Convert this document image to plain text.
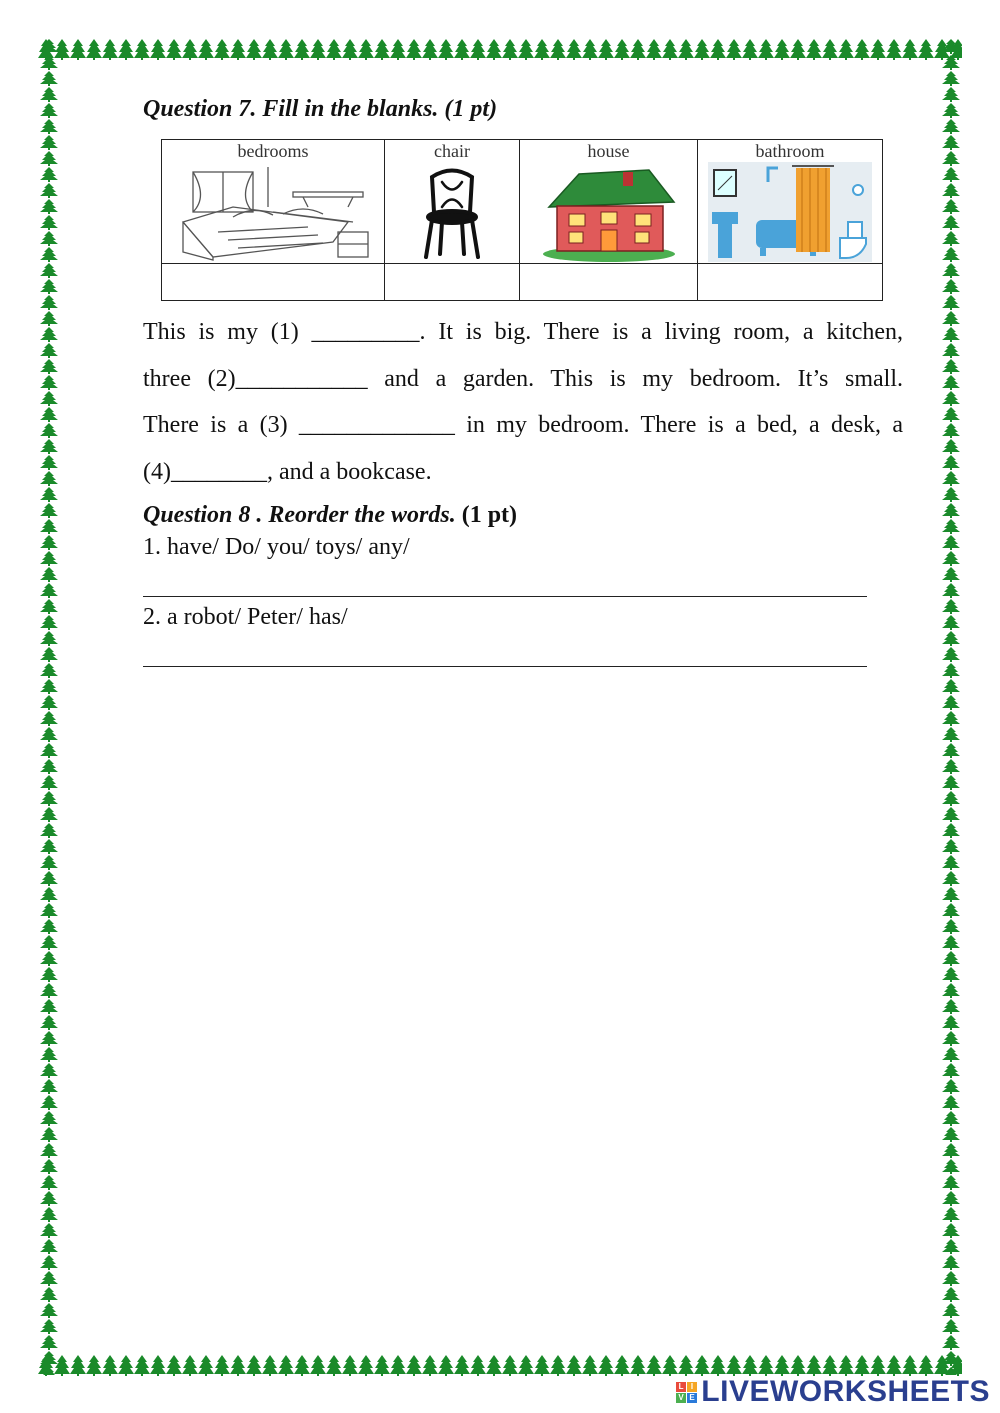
Question 7. Fill in the blanks. (1 pt)
bedrooms	chair	house	bathroom

This is my (1) _________. It is big. There is a living room, a kitchen,
three (2)___________ and a garden. This is my bedroom. It’s small.
There is a (3) _____________ in my bedroom. There is a bed, a desk, a
(4)________, and a bookcase.
Question 8 . Reorder the words. (1 pt)
1. have/ Do/ you/ toys/ any/
2. a robot/ Peter/ has/
L I
V E LIVEWORKSHEETS
